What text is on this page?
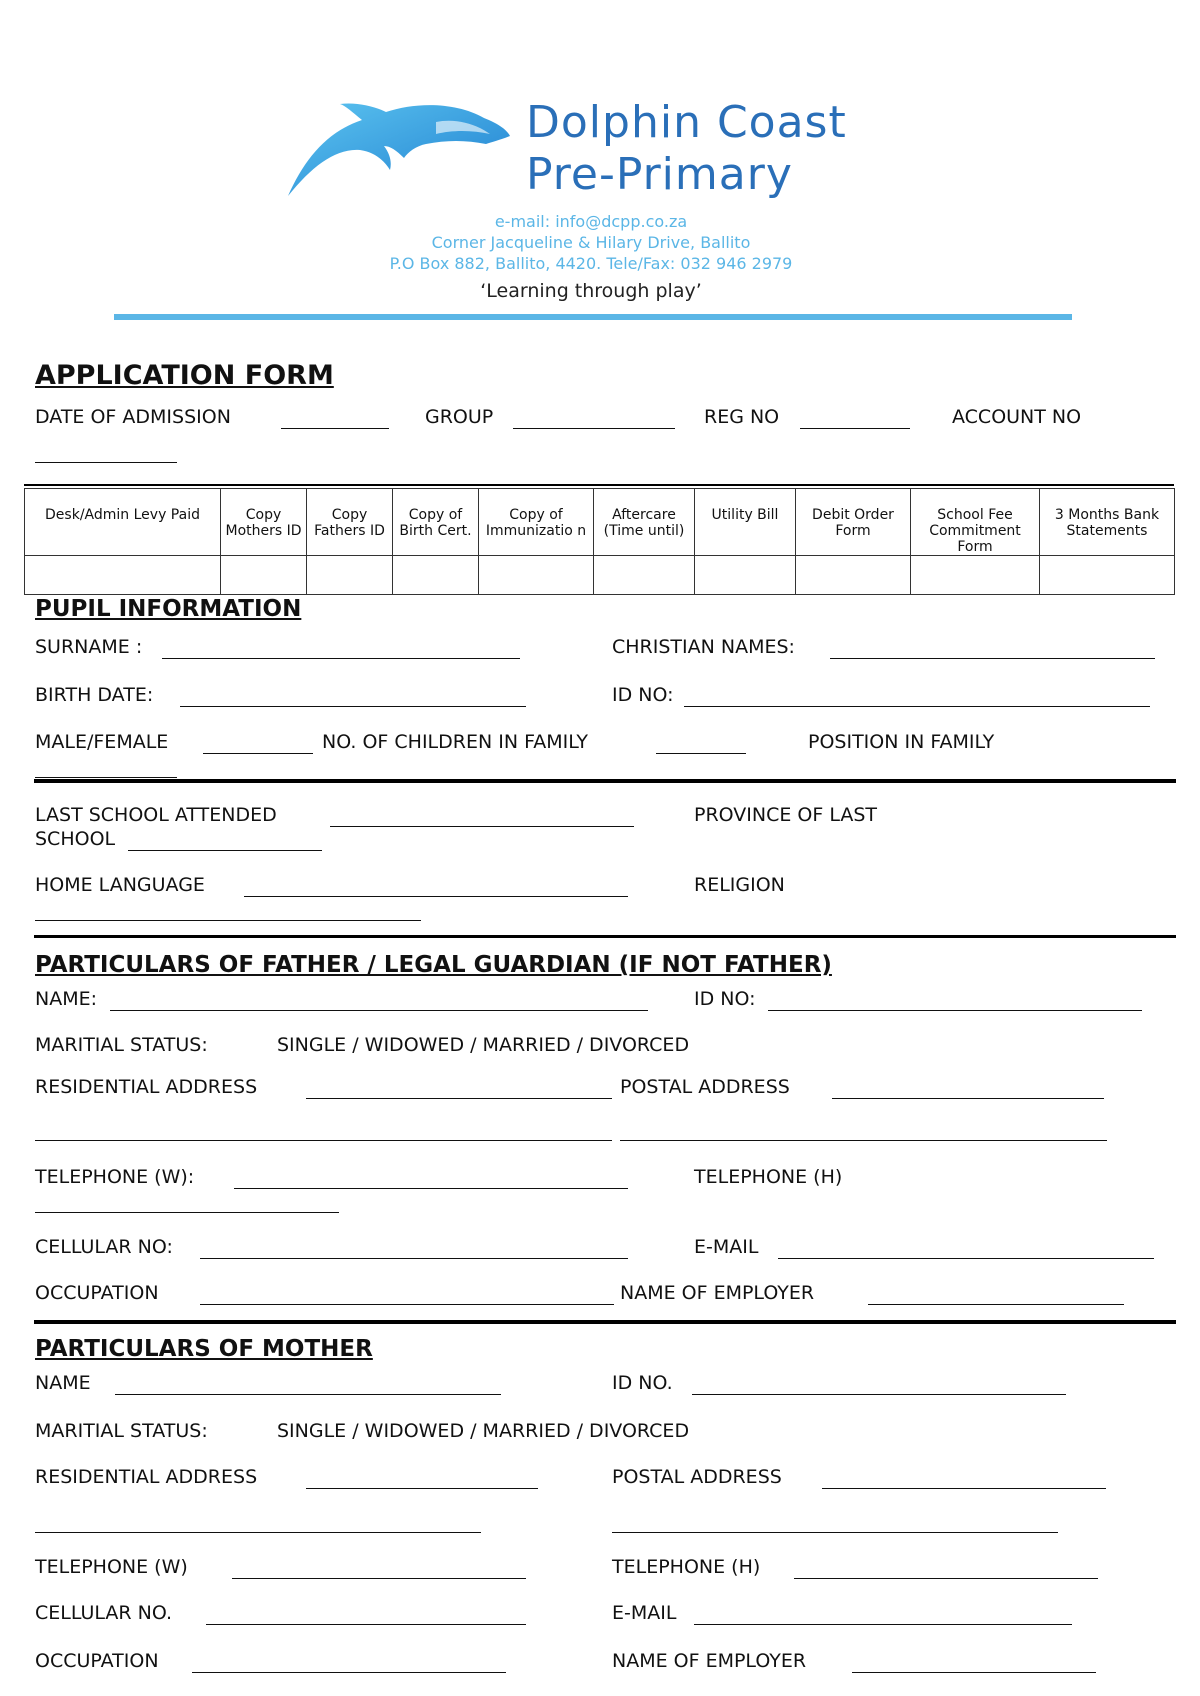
Dolphin Coast
Pre-Primary
e-mail: info@dcpp.co.za
Corner Jacqueline & Hilary Drive, Ballito
P.O Box 882, Ballito, 4420. Tele/Fax: 032 946 2979
‘Learning through play’
APPLICATION FORM
DATE OF ADMISSION	GROUP	REG NO	ACCOUNT NO
Desk/Admin Levy Paid	Copy Mothers ID	Copy Fathers ID	Copy of Birth Cert.	Copy of Immunizatio n	Aftercare (Time until)	Utility Bill	Debit Order Form	School Fee Commitment Form	3 Months Bank Statements

PUPIL INFORMATION
SURNAME :	CHRISTIAN NAMES:
BIRTH DATE:	ID NO:
MALE/FEMALE	NO. OF CHILDREN IN FAMILY	POSITION IN FAMILY
LAST SCHOOL ATTENDED	PROVINCE OF LAST
SCHOOL
HOME LANGUAGE	RELIGION
PARTICULARS OF FATHER / LEGAL GUARDIAN (IF NOT FATHER)
NAME:	ID NO:
MARITIAL STATUS:	SINGLE / WIDOWED / MARRIED / DIVORCED
RESIDENTIAL ADDRESS	POSTAL ADDRESS
TELEPHONE (W):	TELEPHONE (H)
CELLULAR NO:	E-MAIL
OCCUPATION	NAME OF EMPLOYER
PARTICULARS OF MOTHER
NAME	ID NO.
MARITIAL STATUS:	SINGLE / WIDOWED / MARRIED / DIVORCED
RESIDENTIAL ADDRESS	POSTAL ADDRESS
TELEPHONE (W)	TELEPHONE (H)
CELLULAR NO.	E-MAIL
OCCUPATION	NAME OF EMPLOYER
